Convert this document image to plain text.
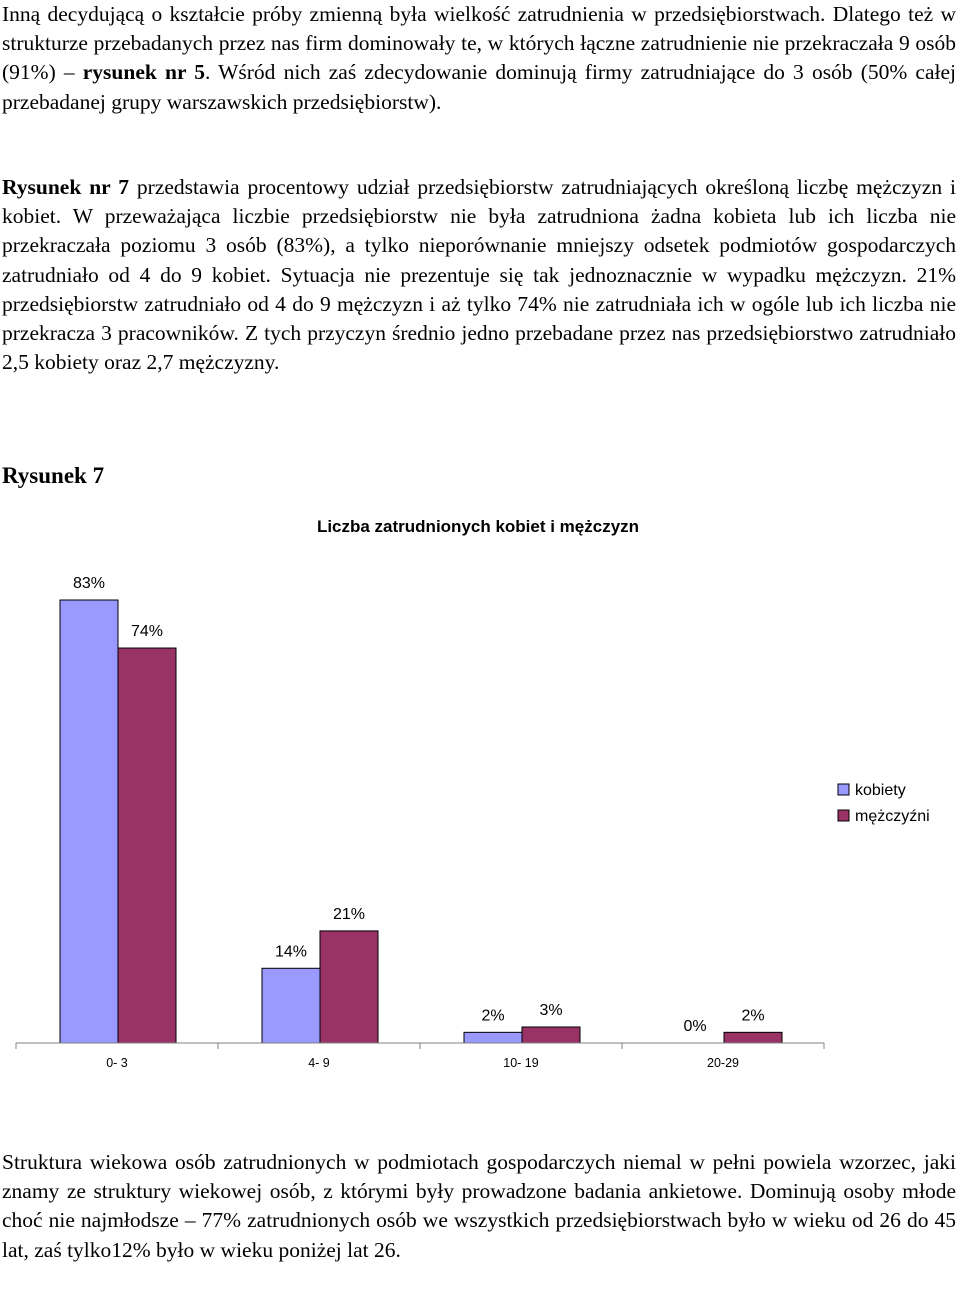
Inną decydującą o kształcie próby zmienną była wielkość zatrudnienia w przedsiębiorstwach. Dlatego też w strukturze przebadanych przez nas firm dominowały te, w których łączne zatrudnienie nie przekraczała 9 osób (91%) – rysunek nr 5. Wśród nich zaś zdecydowanie dominują firmy zatrudniające do 3 osób (50% całej przebadanej grupy warszawskich przedsiębiorstw).

Rysunek nr 7 przedstawia procentowy udział przedsiębiorstw zatrudniających określoną liczbę mężczyzn i kobiet. W przeważająca liczbie przedsiębiorstw nie była zatrudniona żadna kobieta lub ich liczba nie przekraczała poziomu 3 osób (83%), a tylko nieporównanie mniejszy odsetek podmiotów gospodarczych zatrudniało od 4 do 9 kobiet. Sytuacja nie prezentuje się tak jednoznacznie w wypadku mężczyzn. 21% przedsiębiorstw zatrudniało od 4 do 9 mężczyzn i aż tylko 74% nie zatrudniała ich w ogóle lub ich liczba nie przekracza 3 pracowników. Z tych przyczyn średnio jedno przebadane przez nas przedsiębiorstwo zatrudniało 2,5 kobiety oraz 2,7 mężczyzny.

Rysunek 7

Liczba zatrudnionych kobiet i mężczyzn
83%
14%
2%
0%
74%
21%
3%	2%
0- 3	4- 9	10- 19	20-29
kobiety
mężczyźni

Struktura wiekowa osób zatrudnionych w podmiotach gospodarczych niemal w pełni powiela wzorzec, jaki znamy ze struktury wiekowej osób, z którymi były prowadzone badania ankietowe. Dominują osoby młode choć nie najmłodsze – 77% zatrudnionych osób we wszystkich przedsiębiorstwach było w wieku od 26 do 45 lat, zaś tylko12% było w wieku poniżej lat 26.
